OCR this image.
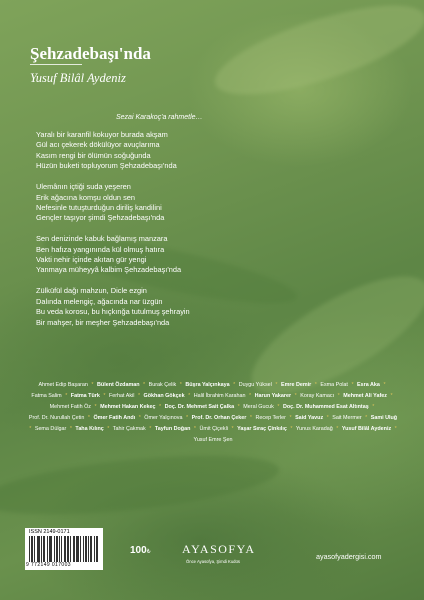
Şehzadebaşı'nda
Yusuf Bilâl Aydeniz
Sezai Karakoç'a rahmetle…
Yaralı bir karanfil kokuyor burada akşam
Gül acı çekerek dökülüyor avuçlarıma
Kasım rengi bir ölümün soğuğunda
Hüzün buketi topluyorum Şehzadebaşı'nda
Ulemânın içtiği suda yeşeren
Erik ağacına komşu oldun sen
Nefesinle tutuşturduğun diriliş kandilini
Gençler taşıyor şimdi Şehzadebaşı'nda
Sen denizinde kabuk bağlamış manzara
Ben hafıza yangınında kül olmuş hatıra
Vakti nehir içinde akıtan gür yengi
Yanmaya müheyyâ kalbim Şehzadebaşı'nda
Zülküfül dağı mahzun, Dicle ezgin
Dalında melengiç, ağacında nar üzgün
Bu veda korosu, bu hıçkınğa tutulmuş şehrayin
Bir mahşer, bir meşher Şehzadebaşı'nda
Ahmet Edip Başaran * Bülent Özdaman * Burak Çelik * Büşra Yalçınkaya * Duygu Yüksel * Emre Demir * Esma Polat * Esra Aka * Fatma Salim * Fatma Türk * Ferhat Akil * Gökhan Gökçek * Halil İbrahim Karahan * Harun Yakarer * Koray Kamacı * Mehmet Ali Yafez * Mehmet Fatih Öz * Mehmet Hakan Kekeç * Doç. Dr. Mehmet Sait Çalka * Meral Gucuk * Doç. Dr. Muhammed Esat Altıntaş * Prof. Dr. Nurullah Çetin * Ömer Fatih Andı * Ömer Yalçınova * Prof. Dr. Orhan Çeker * Recep Terler * Said Yavuz * Sait Mermer * Sami Uluğ * Sema Dülgar * Taha Kılınç * Tahir Çakmak * Tayfun Doğan * Ümit Çiçekli * Yaşar Sıraç Çinkılıç * Yunus Karadağ * Yusuf Bilâl Aydeniz * Yusuf Emre Şen
ISSN 2149-0171
9 772149 017003
100₺	AYASOFYA
Önce Ayasofya, Şimdi Kudüs
ayasofyadergisi.com
